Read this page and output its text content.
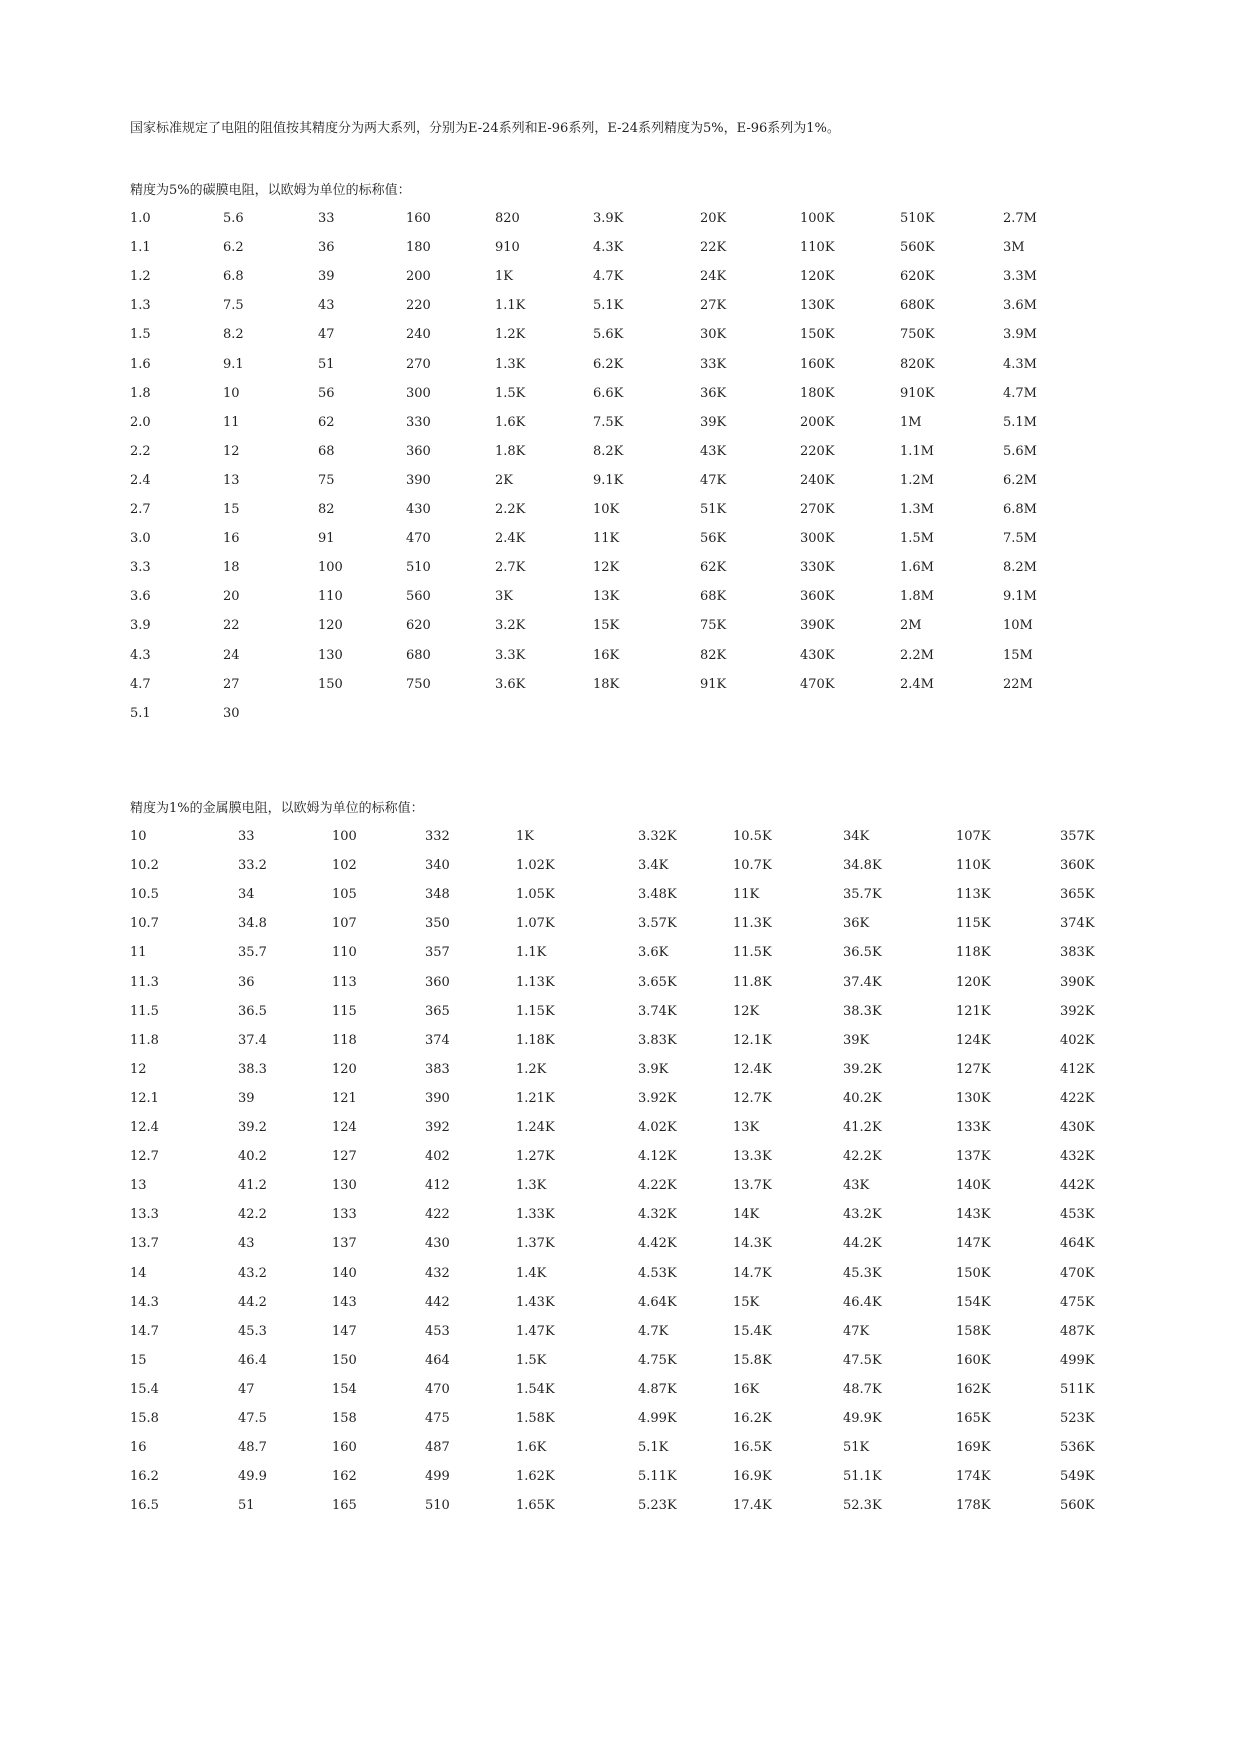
国家标准规定了电阻的阻值按其精度分为两大系列，分别为E-24系列和E-96系列，E-24系列精度为5%，E-96系列为1%。
精度为5%的碳膜电阻，以欧姆为单位的标称值：
1.0	5.6	33	160	820	3.9K	20K	100K	510K	2.7M
1.1	6.2	36	180	910	4.3K	22K	110K	560K	3M
1.2	6.8	39	200	1K	4.7K	24K	120K	620K	3.3M
1.3	7.5	43	220	1.1K	5.1K	27K	130K	680K	3.6M
1.5	8.2	47	240	1.2K	5.6K	30K	150K	750K	3.9M
1.6	9.1	51	270	1.3K	6.2K	33K	160K	820K	4.3M
1.8	10	56	300	1.5K	6.6K	36K	180K	910K	4.7M
2.0	11	62	330	1.6K	7.5K	39K	200K	1M	5.1M
2.2	12	68	360	1.8K	8.2K	43K	220K	1.1M	5.6M
2.4	13	75	390	2K	9.1K	47K	240K	1.2M	6.2M
2.7	15	82	430	2.2K	10K	51K	270K	1.3M	6.8M
3.0	16	91	470	2.4K	11K	56K	300K	1.5M	7.5M
3.3	18	100	510	2.7K	12K	62K	330K	1.6M	8.2M
3.6	20	110	560	3K	13K	68K	360K	1.8M	9.1M
3.9	22	120	620	3.2K	15K	75K	390K	2M	10M
4.3	24	130	680	3.3K	16K	82K	430K	2.2M	15M
4.7	27	150	750	3.6K	18K	91K	470K	2.4M	22M
5.1	30
精度为1%的金属膜电阻，以欧姆为单位的标称值：
10	33	100	332	1K	3.32K	10.5K	34K	107K	357K
10.2	33.2	102	340	1.02K	3.4K	10.7K	34.8K	110K	360K
10.5	34	105	348	1.05K	3.48K	11K	35.7K	113K	365K
10.7	34.8	107	350	1.07K	3.57K	11.3K	36K	115K	374K
11	35.7	110	357	1.1K	3.6K	11.5K	36.5K	118K	383K
11.3	36	113	360	1.13K	3.65K	11.8K	37.4K	120K	390K
11.5	36.5	115	365	1.15K	3.74K	12K	38.3K	121K	392K
11.8	37.4	118	374	1.18K	3.83K	12.1K	39K	124K	402K
12	38.3	120	383	1.2K	3.9K	12.4K	39.2K	127K	412K
12.1	39	121	390	1.21K	3.92K	12.7K	40.2K	130K	422K
12.4	39.2	124	392	1.24K	4.02K	13K	41.2K	133K	430K
12.7	40.2	127	402	1.27K	4.12K	13.3K	42.2K	137K	432K
13	41.2	130	412	1.3K	4.22K	13.7K	43K	140K	442K
13.3	42.2	133	422	1.33K	4.32K	14K	43.2K	143K	453K
13.7	43	137	430	1.37K	4.42K	14.3K	44.2K	147K	464K
14	43.2	140	432	1.4K	4.53K	14.7K	45.3K	150K	470K
14.3	44.2	143	442	1.43K	4.64K	15K	46.4K	154K	475K
14.7	45.3	147	453	1.47K	4.7K	15.4K	47K	158K	487K
15	46.4	150	464	1.5K	4.75K	15.8K	47.5K	160K	499K
15.4	47	154	470	1.54K	4.87K	16K	48.7K	162K	511K
15.8	47.5	158	475	1.58K	4.99K	16.2K	49.9K	165K	523K
16	48.7	160	487	1.6K	5.1K	16.5K	51K	169K	536K
16.2	49.9	162	499	1.62K	5.11K	16.9K	51.1K	174K	549K
16.5	51	165	510	1.65K	5.23K	17.4K	52.3K	178K	560K
